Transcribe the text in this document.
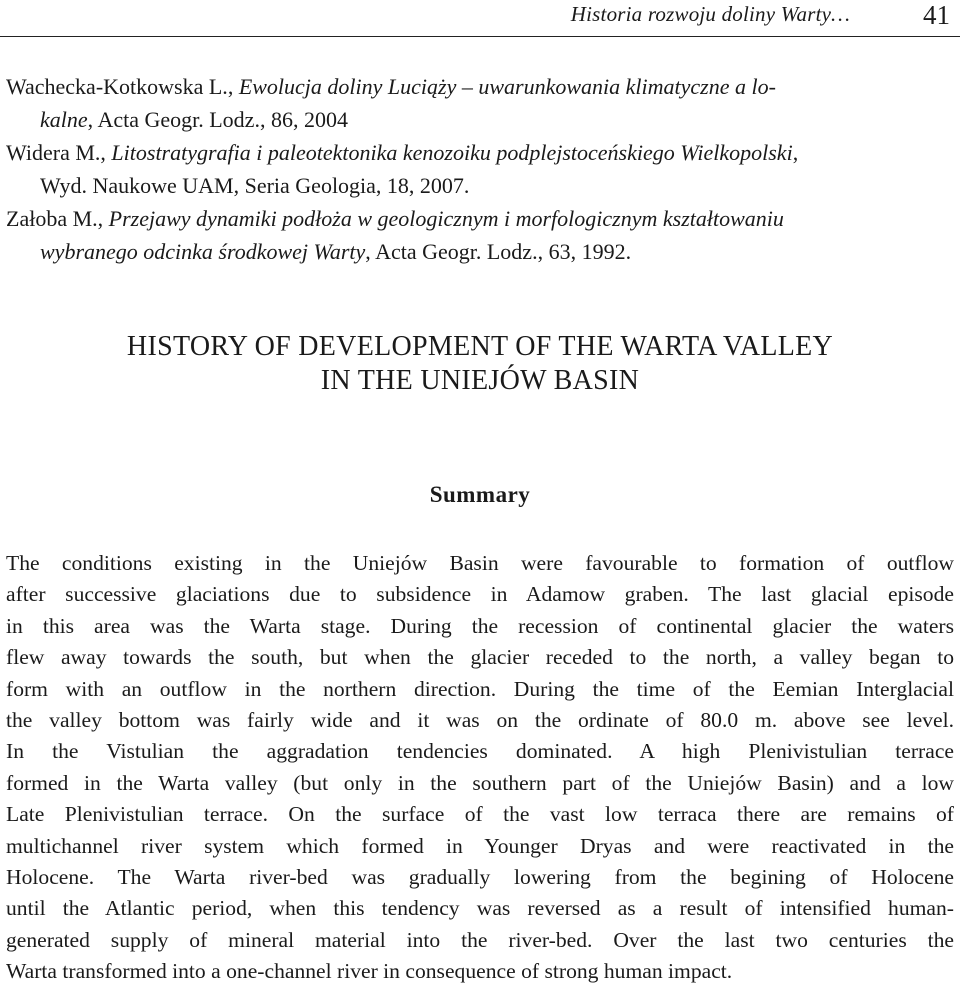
Historia rozwoju doliny Warty…	41

Wachecka-Kotkowska L., Ewolucja doliny Luciąży – uwarunkowania klimatyczne a lo-
kalne, Acta Geogr. Lodz., 86, 2004

Widera M., Litostratygrafia i paleotektonika kenozoiku podplejstoceńskiego Wielkopolski,
Wyd. Naukowe UAM, Seria Geologia, 18, 2007.

Załoba M., Przejawy dynamiki podłoża w geologicznym i morfologicznym kształtowaniu
wybranego odcinka środkowej Warty, Acta Geogr. Lodz., 63, 1992.

HISTORY OF DEVELOPMENT OF THE WARTA VALLEY
IN THE UNIEJÓW BASIN
Summary
The conditions existing in the Uniejów Basin were favourable to formation of outflow
after successive glaciations due to subsidence in Adamow graben. The last glacial episode
in this area was the Warta stage. During the recession of continental glacier the waters
flew away towards the south, but when the glacier receded to the north, a valley began to
form with an outflow in the northern direction. During the time of the Eemian Interglacial
the valley bottom was fairly wide and it was on the ordinate of 80.0 m. above see level.
In the Vistulian the aggradation tendencies dominated. A high Plenivistulian terrace
formed in the Warta valley (but only in the southern part of the Uniejów Basin) and a low
Late Plenivistulian terrace. On the surface of the vast low terraca there are remains of
multichannel river system which formed in Younger Dryas and were reactivated in the
Holocene. The Warta river-bed was gradually lowering from the begining of Holocene
until the Atlantic period, when this tendency was reversed as a result of intensified human-
generated supply of mineral material into the river-bed. Over the last two centuries the
Warta transformed into a one-channel river in consequence of strong human impact.
